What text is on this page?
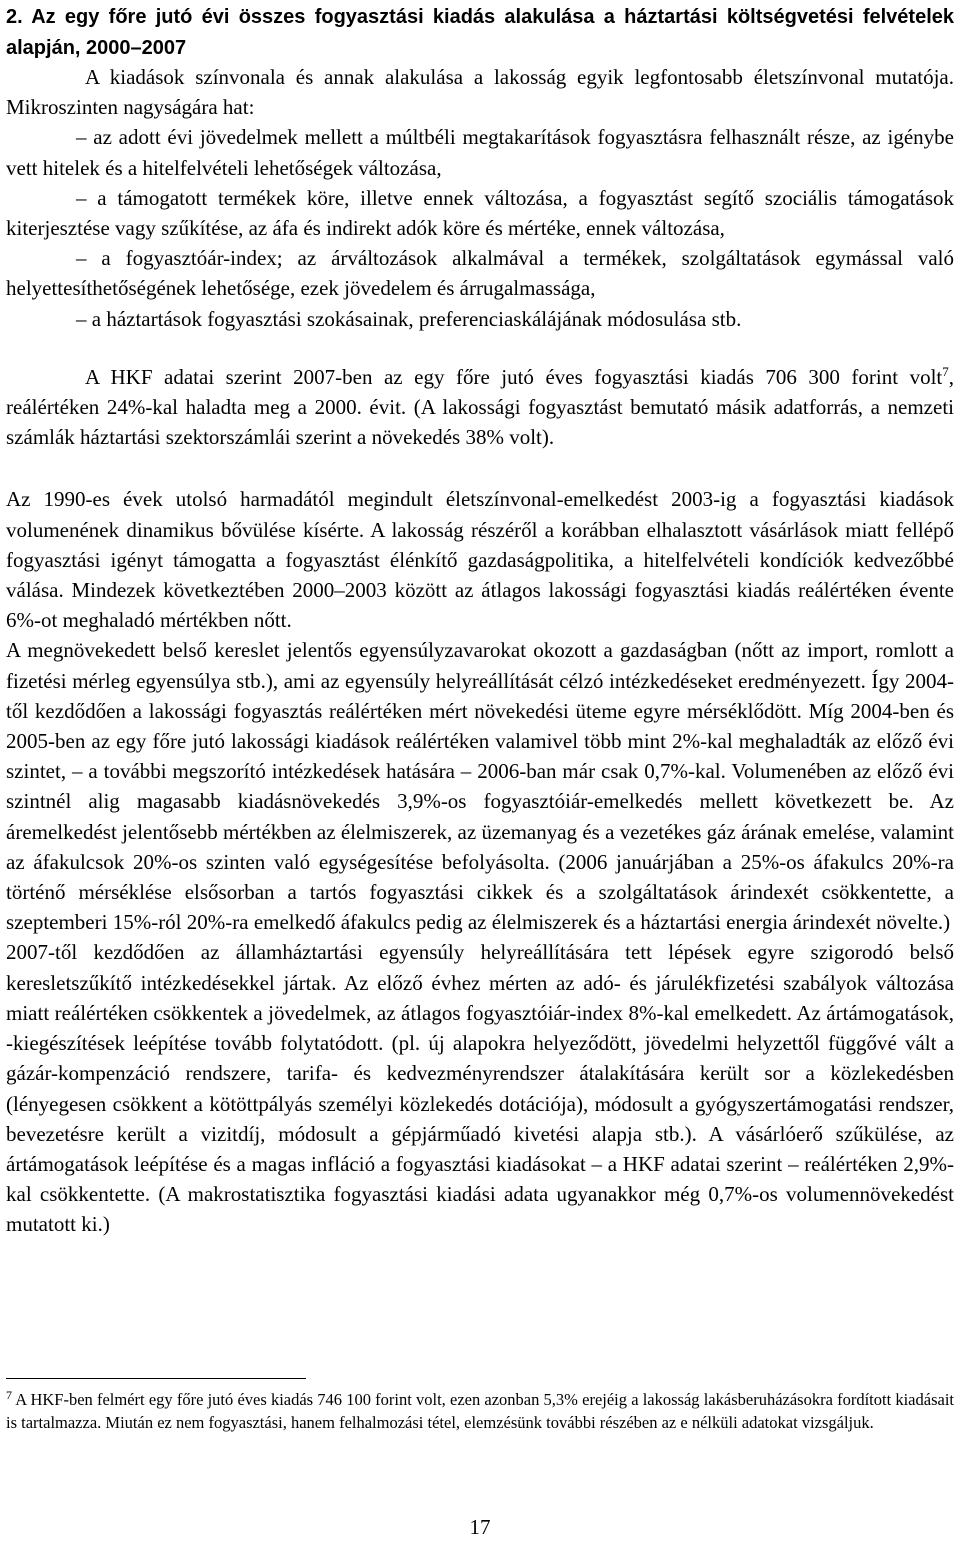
2. Az egy főre jutó évi összes fogyasztási kiadás alakulása a háztartási költségvetési felvételek alapján, 2000–2007

A kiadások színvonala és annak alakulása a lakosság egyik legfontosabb életszínvonal mutatója. Mikroszinten nagyságára hat:

– az adott évi jövedelmek mellett a múltbéli megtakarítások fogyasztásra felhasznált része, az igénybe vett hitelek és a hitelfelvételi lehetőségek változása,

– a támogatott termékek köre, illetve ennek változása, a fogyasztást segítő szociális támogatások kiterjesztése vagy szűkítése, az áfa és indirekt adók köre és mértéke, ennek változása,

– a fogyasztóár-index; az árváltozások alkalmával a termékek, szolgáltatások egymással való helyettesíthetőségének lehetősége, ezek jövedelem és árrugalmassága,

– a háztartások fogyasztási szokásainak, preferenciaskálájának módosulása stb.

A HKF adatai szerint 2007-ben az egy főre jutó éves fogyasztási kiadás 706 300 forint volt$^7$, reálértéken 24%-kal haladta meg a 2000. évit. (A lakossági fogyasztást bemutató másik adatforrás, a nemzeti számlák háztartási szektorszámlái szerint a növekedés 38% volt).

Az 1990-es évek utolsó harmadától megindult életszínvonal-emelkedést 2003-ig a fogyasztási kiadások volumenének dinamikus bővülése kísérte. A lakosság részéről a korábban elhalasztott vásárlások miatt fellépő fogyasztási igényt támogatta a fogyasztást élénkítő gazdaságpolitika, a hitelfelvételi kondíciók kedvezőbbé válása. Mindezek következtében 2000–2003 között az átlagos lakossági fogyasztási kiadás reálértéken évente 6%-ot meghaladó mértékben nőtt.

A megnövekedett belső kereslet jelentős egyensúlyzavarokat okozott a gazdaságban (nőtt az import, romlott a fizetési mérleg egyensúlya stb.), ami az egyensúly helyreállítását célzó intézkedéseket eredményezett. Így 2004-től kezdődően a lakossági fogyasztás reálértéken mért növekedési üteme egyre mérséklődött. Míg 2004-ben és 2005-ben az egy főre jutó lakossági kiadások reálértéken valamivel több mint 2%-kal meghaladták az előző évi szintet, – a további megszorító intézkedések hatására – 2006-ban már csak 0,7%-kal. Volumenében az előző évi szintnél alig magasabb kiadásnövekedés 3,9%-os fogyasztóiár-emelkedés mellett következett be. Az áremelkedést jelentősebb mértékben az élelmiszerek, az üzemanyag és a vezetékes gáz árának emelése, valamint az áfakulcsok 20%-os szinten való egységesítése befolyásolta. (2006 januárjában a 25%-os áfakulcs 20%-ra történő mérséklése elsősorban a tartós fogyasztási cikkek és a szolgáltatások árindexét csökkentette, a szeptemberi 15%-ról 20%-ra emelkedő áfakulcs pedig az élelmiszerek és a háztartási energia árindexét növelte.)

2007-től kezdődően az államháztartási egyensúly helyreállítására tett lépések egyre szigorodó belső keresletszűkítő intézkedésekkel jártak. Az előző évhez mérten az adó- és járulékfizetési szabályok változása miatt reálértéken csökkentek a jövedelmek, az átlagos fogyasztóiár-index 8%-kal emelkedett. Az ártámogatások, -kiegészítések leépítése tovább folytatódott. (pl. új alapokra helyeződött, jövedelmi helyzettől függővé vált a gázár-kompenzáció rendszere, tarifa- és kedvezményrendszer átalakítására került sor a közlekedésben (lényegesen csökkent a kötöttpályás személyi közlekedés dotációja), módosult a gyógyszertámogatási rendszer, bevezetésre került a vizitdíj, módosult a gépjárműadó kivetési alapja stb.). A vásárlóerő szűkülése, az ártámogatások leépítése és a magas infláció a fogyasztási kiadásokat – a HKF adatai szerint – reálértéken 2,9%-kal csökkentette. (A makrostatisztika fogyasztási kiadási adata ugyanakkor még 0,7%-os volumennövekedést mutatott ki.)

$^7$ A HKF-ben felmért egy főre jutó éves kiadás 746 100 forint volt, ezen azonban 5,3% erejéig a lakosság lakásberuházásokra fordított kiadásait is tartalmazza. Miután ez nem fogyasztási, hanem felhalmozási tétel, elemzésünk további részében az e nélküli adatokat vizsgáljuk.

17
